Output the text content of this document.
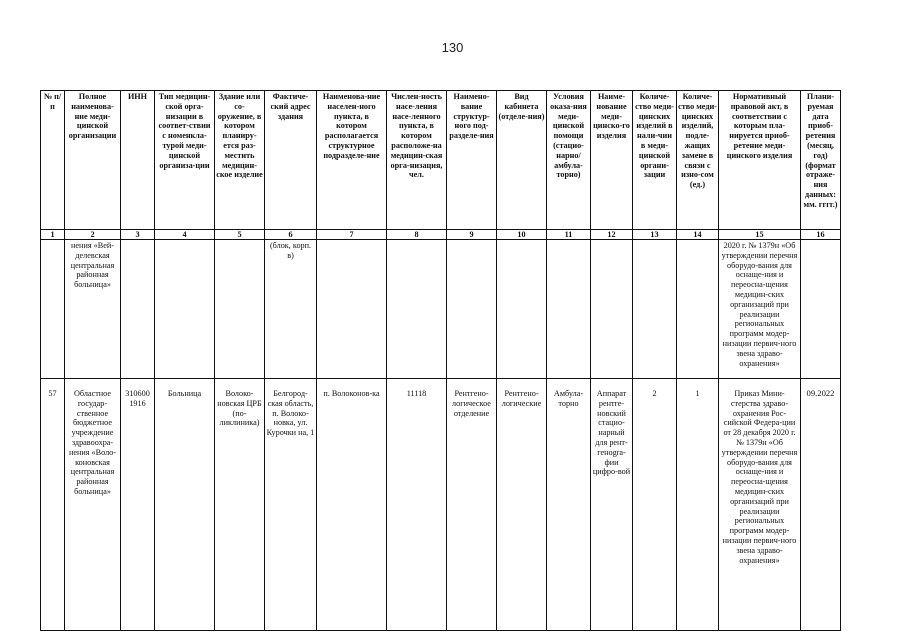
130
№ п/п	Полное наименова-ние меди-цинской организации	ИНН	Тип медицин-ской орга-низации в соответ-ствии с номенкла-турой меди-цинской организа-ции	Здание или со-оружение, в котором планиру-ется раз-местить медицин-ское изделие	Фактиче-ский адрес здания	Наименова-ние населен-ного пункта, в котором располагается структурное подразделе-ние	Числен-ность насе-ления насе-ленного пункта, в котором расположе-на медицин-ская орга-низация, чел.	Наимено-вание структур-ного под-разделе-ния	Вид кабинета (отделе-ния)	Условия оказа-ния меди-цинской помощи (стацио-нарно/ амбула-торно)	Наиме-нование меди-цинско-го изделия	Количе-ство меди-цинских изделий в нали-чии в меди-цинской органи-зации	Количе-ство меди-цинских изделий, подле-жащих замене в связи с изно-сом (ед.)	Нормативный правовой акт, в соответствии с которым пла-нируется приоб-ретение меди-цинского изделия	Плани-руемая дата приоб-ретения (месяц, год) (формат отраже-ния данных: мм. гггг.)
1	2	3	4	5	6	7	8	9	10	11	12	13	14	15	16
	нения «Вей-делевская центральная районная больница»				(блок, корп. в)									2020 г. № 1379н «Об утверждении перечня оборудо-вания для оснаще-ния и переосна-щения медицин-ских организаций при реализации региональных программ модер-низации первич-ного звена здраво-охранения»	
57	Областное государ-ственное бюджетное учреждение здравоохра-нения «Воло-коновская центральная районная больница»	310600 1916	Больница	Волоко-новская ЦРБ (по-ликлиника)	Белгород-ская область, п. Волоко-новка, ул. Курочки на, 1	п. Волоконов-ка	11118	Рентгено-логическое отделение	Рентгено-логические	Амбула-торно	Аппарат рентге-новский стацио-нарный для рент-генogra-фии цифро-вой	2	1	Приказ Мини-стерства здраво-охранения Рос-сийской Федера-ции от 28 декабря 2020 г. № 1379н «Об утверждении перечня оборудо-вания для оснаще-ния и переосна-щения медицин-ских организаций при реализации региональных программ модер-низации первич-ного звена здраво-охранения»	09.2022
